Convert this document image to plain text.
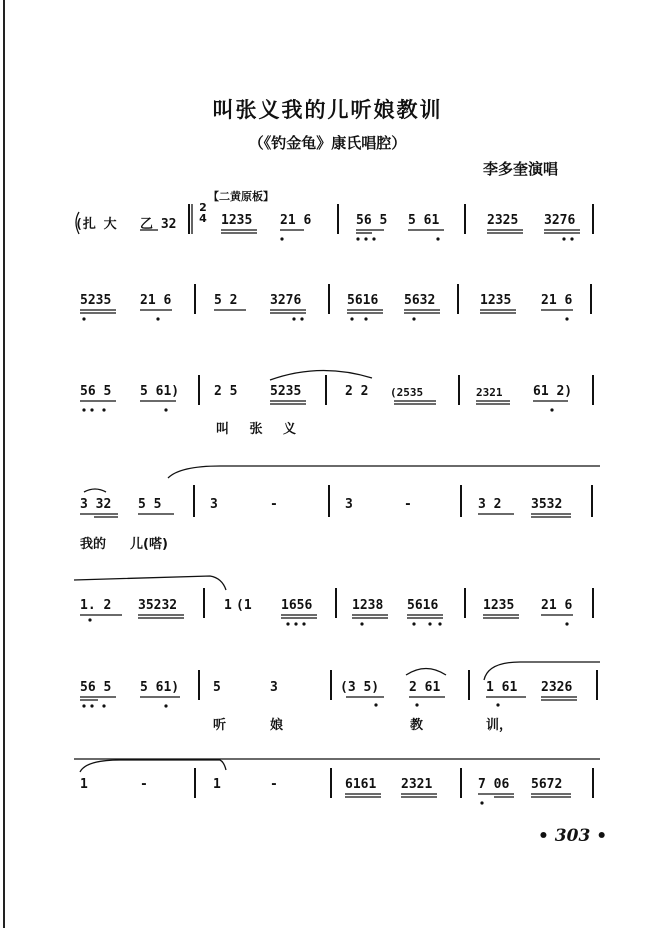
叫张义我的儿听娘教训
（《钓金龟》康氏唱腔）
李多奎演唱
【二黄原板】
2
4
(扎 大 乙 32	1235 21 6	56 5 5 61	2325 3276
5235 21 6	5 2	3276	5616 5632	1235 21 6
56 5 5 61)	2 5	5235	2 2 (2535	2321 61 2)
叫 张 义
3 32 5 5	3	-	3	-	3 2 3532
我的 儿(嗒)
1. 2 35232	1 (1 1656	1238 5616	1235 21 6
56 5 5 61)	5	3	(3 5) 2 61	1 61 2326
听	娘	教	训，
1	-	1	-	6161 2321	7 06 5672
• 303 •
